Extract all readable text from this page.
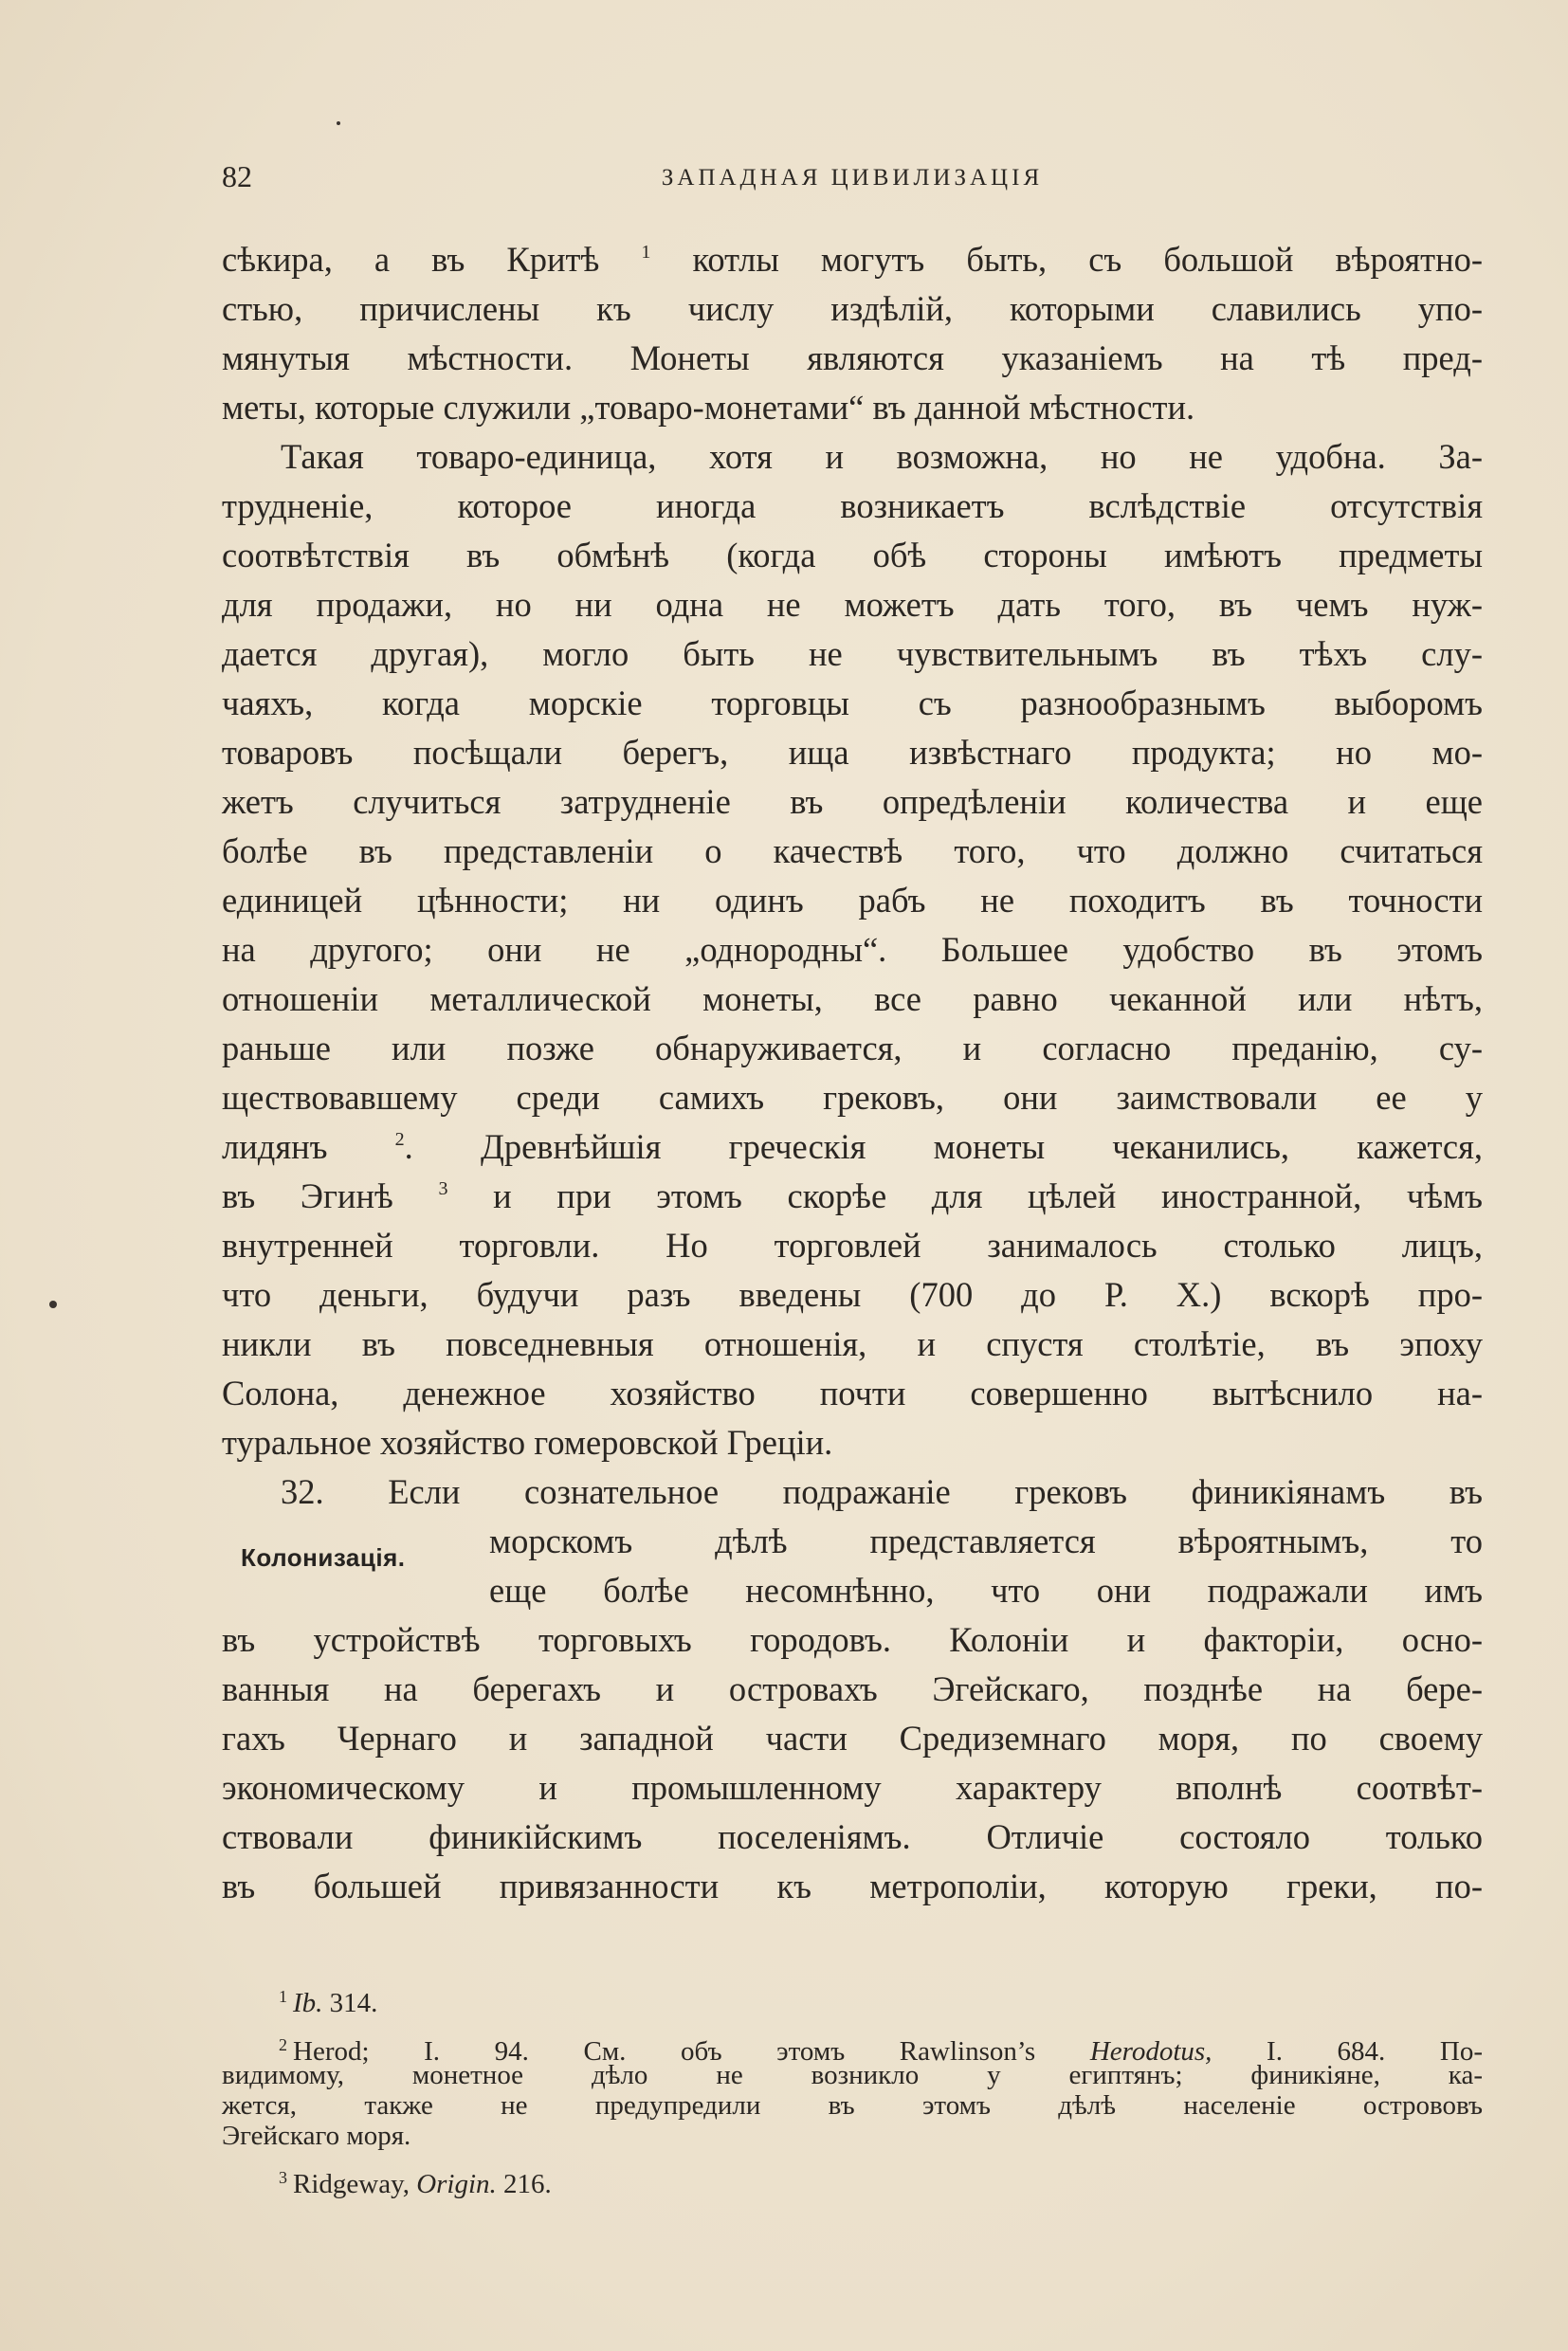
82	ЗАПАДНАЯ ЦИВИЛИЗАЦІЯ
сѣкира, а въ Критѣ $^1$ котлы могутъ быть, съ большой вѣроятно-
стью, причислены къ числу издѣлій, которыми славились упо-
мянутыя мѣстности. Монеты являются указаніемъ на тѣ пред-
меты, которые служили „товаро-монетами“ въ данной мѣстности.
Такая товаро-единица, хотя и возможна, но не удобна. За-
трудненіе, которое иногда возникаетъ вслѣдствіе отсутствія
соотвѣтствія въ обмѣнѣ (когда обѣ стороны имѣютъ предметы
для продажи, но ни одна не можетъ дать того, въ чемъ нуж-
дается другая), могло быть не чувствительнымъ въ тѣхъ слу-
чаяхъ, когда морскіе торговцы съ разнообразнымъ выборомъ
товаровъ посѣщали берегъ, ища извѣстнаго продукта; но мо-
жетъ случиться затрудненіе въ опредѣленіи количества и еще
болѣе въ представленіи о качествѣ того, что должно считаться
единицей цѣнности; ни одинъ рабъ не походитъ въ точности
на другого; они не „однородны“. Большее удобство въ этомъ
отношеніи металлической монеты, все равно чеканной или нѣтъ,
раньше или позже обнаруживается, и согласно преданію, су-
ществовавшему среди самихъ грековъ, они заимствовали ее у
лидянъ	$^2$. Древнѣйшія греческія монеты чеканились, кажется,
въ Эгинѣ $^3$ и при этомъ скорѣе для цѣлей иностранной, чѣмъ
внутренней торговли. Но торговлей занималось столько лицъ,
что деньги, будучи разъ введены (700 до Р. Х.) вскорѣ про-
никли въ повседневныя отношенія, и спустя столѣтіе, въ эпоху
Солона, денежное хозяйство почти совершенно вытѣснило на-
туральное хозяйство гомеровской Греціи.
32. Если сознательное подражаніе грековъ финикіянамъ въ
морскомъ дѣлѣ представляется вѣроятнымъ, то
еще болѣе несомнѣнно, что они подражали имъ
въ устройствѣ торговыхъ городовъ. Колоніи и факторіи, осно-
ванныя на берегахъ и островахъ Эгейскаго, позднѣе на бере-
гахъ Чернаго и западной части Средиземнаго моря, по своему
экономическому и промышленному характеру вполнѣ соотвѣт-
ствовали финикійскимъ поселеніямъ. Отличіе состояло только
въ большей привязанности къ метрополіи, которую греки, по-
Колонизація.
$^1$ Ib. 314.
$^2$ Herod; I. 94. См. объ этомъ Rawlinson’s Herodotus, I. 684. По-
видимому, монетное дѣло не возникло у египтянъ; финикіяне, ка-
жется, также не предупредили въ этомъ дѣлѣ населеніе острововъ
Эгейскаго моря.
$^3$ Ridgeway, Origin. 216.
